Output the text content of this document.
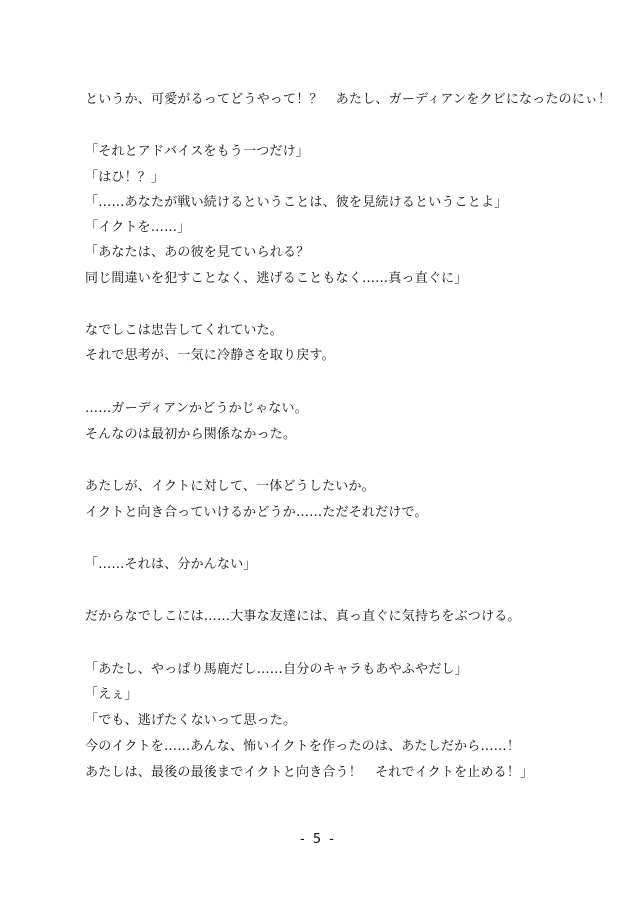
というか、可愛がるってどうやって！？　あたし、ガーディアンをクビになったのにぃ！
「それとアドバイスをもう一つだけ」
「はひ！？」
「……あなたが戦い続けるということは、彼を見続けるということよ」
「イクトを……」
「あなたは、あの彼を見ていられる？
同じ間違いを犯すことなく、逃げることもなく……真っ直ぐに」
なでしこは忠告してくれていた。
それで思考が、一気に冷静さを取り戻す。
……ガーディアンかどうかじゃない。
そんなのは最初から関係なかった。
あたしが、イクトに対して、一体どうしたいか。
イクトと向き合っていけるかどうか……ただそれだけで。
「……それは、分かんない」
だからなでしこには……大事な友達には、真っ直ぐに気持ちをぶつける。
「あたし、やっぱり馬鹿だし……自分のキャラもあやふやだし」
「えぇ」
「でも、逃げたくないって思った。
今のイクトを……あんな、怖いイクトを作ったのは、あたしだから……！
あたしは、最後の最後までイクトと向き合う！　それでイクトを止める！」
- 5 -
